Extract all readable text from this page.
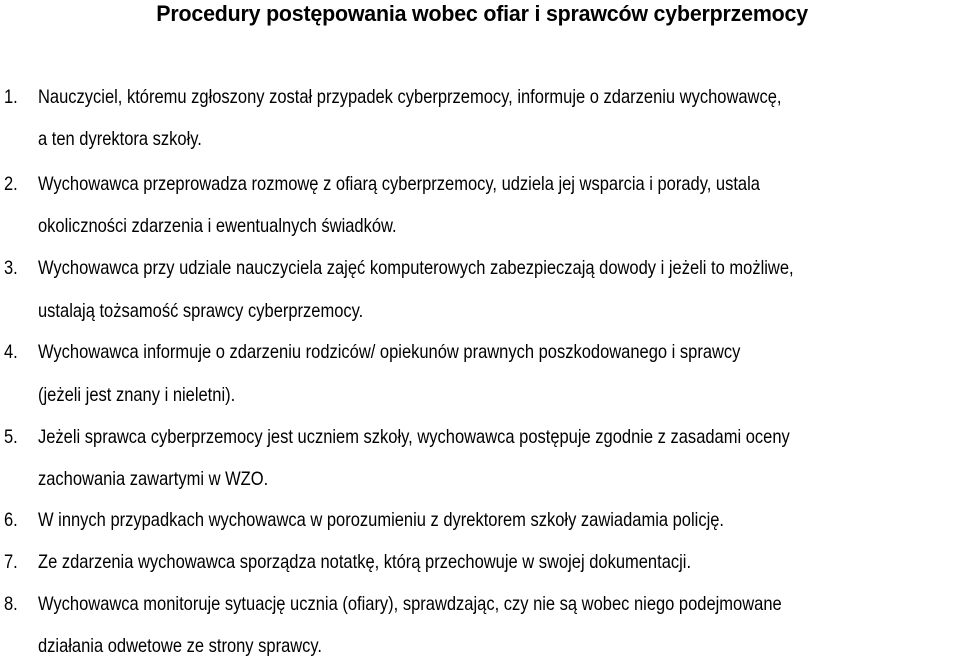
Procedury postępowania wobec ofiar i sprawców cyberprzemocy
1.	Nauczyciel, któremu zgłoszony został przypadek cyberprzemocy, informuje o zdarzeniu wychowawcę,
a ten dyrektora szkoły.
2.	Wychowawca przeprowadza rozmowę z ofiarą cyberprzemocy, udziela jej wsparcia i porady, ustala
okoliczności zdarzenia i ewentualnych świadków.
3.	Wychowawca przy udziale nauczyciela zajęć komputerowych zabezpieczają dowody i jeżeli to możliwe,
ustalają tożsamość sprawcy cyberprzemocy.
4.	Wychowawca informuje o zdarzeniu rodziców/ opiekunów prawnych poszkodowanego i sprawcy
(jeżeli jest znany i nieletni).
5.	Jeżeli sprawca cyberprzemocy jest uczniem szkoły, wychowawca postępuje zgodnie z zasadami oceny
zachowania zawartymi w WZO.
6.	W innych przypadkach wychowawca w porozumieniu z dyrektorem szkoły zawiadamia policję.
7.	Ze zdarzenia wychowawca sporządza notatkę, którą przechowuje w swojej dokumentacji.
8.	Wychowawca monitoruje sytuację ucznia (ofiary), sprawdzając, czy nie są wobec niego podejmowane
działania odwetowe ze strony sprawcy.
